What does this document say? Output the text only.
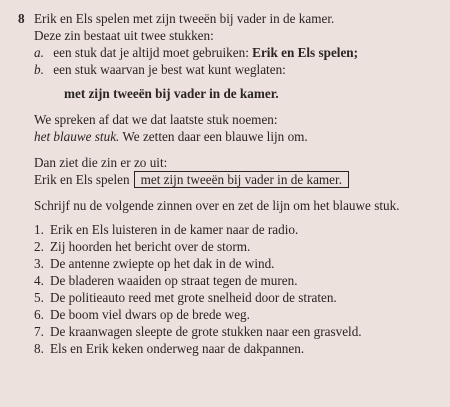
8 Erik en Els spelen met zijn tweeën bij vader in de kamer.
Deze zin bestaat uit twee stukken:
a. een stuk dat je altijd moet gebruiken: Erik en Els spelen;
b. een stuk waarvan je best wat kunt weglaten:
met zijn tweeën bij vader in de kamer.
We spreken af dat we dat laatste stuk noemen:
het blauwe stuk. We zetten daar een blauwe lijn om.
Dan ziet die zin er zo uit:
Erik en Els spelen met zijn tweeën bij vader in de kamer.
Schrijf nu de volgende zinnen over en zet de lijn om het blauwe stuk.
1. Erik en Els luisteren in de kamer naar de radio.
2. Zij hoorden het bericht over de storm.
3. De antenne zwiepte op het dak in de wind.
4. De bladeren waaiden op straat tegen de muren.
5. De politieauto reed met grote snelheid door de straten.
6. De boom viel dwars op de brede weg.
7. De kraanwagen sleepte de grote stukken naar een grasveld.
8. Els en Erik keken onderweg naar de dakpannen.
